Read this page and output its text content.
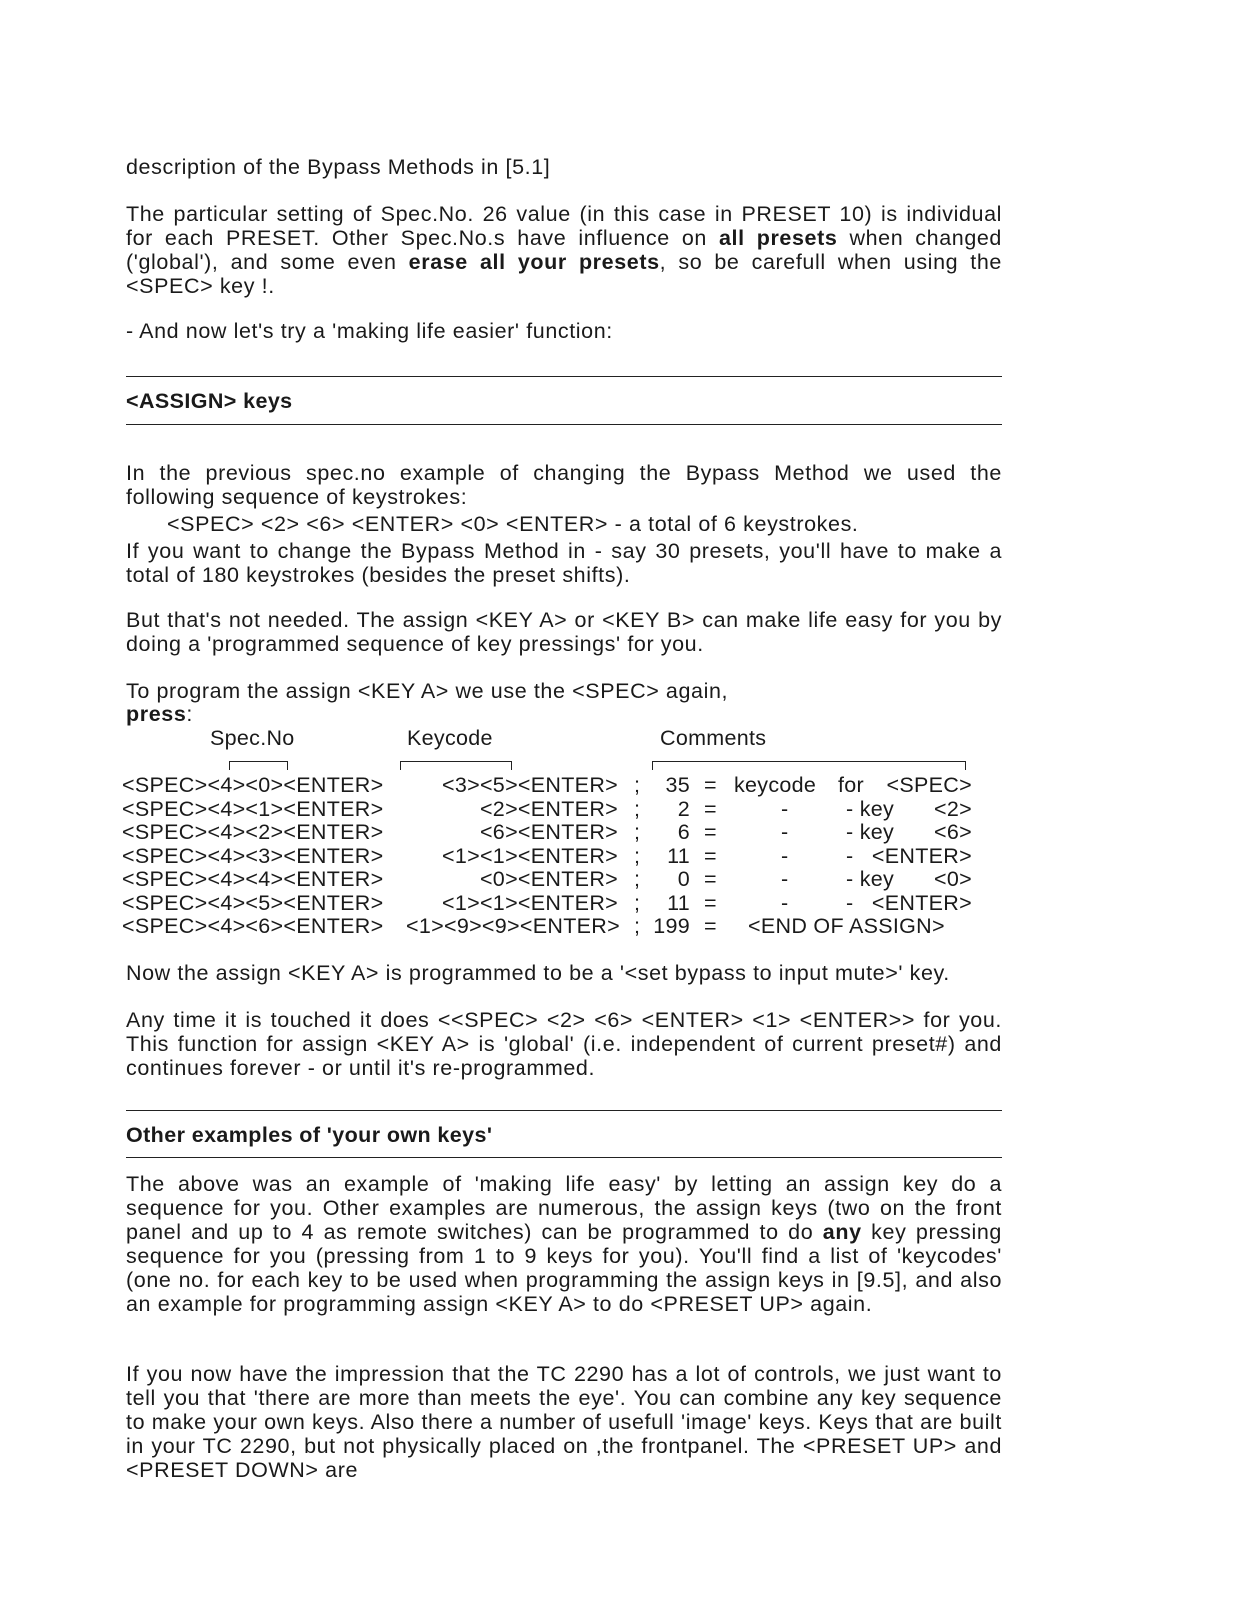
description of the Bypass Methods in [5.1]

The particular setting of Spec.No. 26 value (in this case in PRESET 10) is individual for each PRESET. Other Spec.No.s have influence on all presets when changed ('global'), and some even erase all your presets, so be carefull when using the <SPEC> key !.

- And now let's try a 'making life easier' function:

<ASSIGN> keys

In the previous spec.no example of changing the Bypass Method we used the following sequence of keystrokes:

<SPEC> <2> <6> <ENTER> <0> <ENTER> - a total of 6 keystrokes.

If you want to change the Bypass Method in - say 30 presets, you'll have to make a total of 180 keystrokes (besides the preset shifts).

But that's not needed. The assign <KEY A> or <KEY B> can make life easy for you by doing a 'programmed sequence of key pressings' for you.

To program the assign <KEY A> we use the <SPEC> again,
press:
Spec.No	Keycode	Comments
<SPEC><4><0><ENTER>	<3><5><ENTER> ;	35 = keycode for	<SPEC>
<SPEC><4><1><ENTER>	<2><ENTER> ;	2 =	-	- key	<2>
<SPEC><4><2><ENTER>	<6><ENTER> ;	6 =	-	- key	<6>
<SPEC><4><3><ENTER>	<1><1><ENTER> ;	11 =	-	- <ENTER>
<SPEC><4><4><ENTER>	<0><ENTER> ;	0 =	-	- key	<0>
<SPEC><4><5><ENTER>	<1><1><ENTER> ;	11 =	-	- <ENTER>
<SPEC><4><6><ENTER> <1><9><9><ENTER> ; 199 = <END OF ASSIGN>

Now the assign <KEY A> is programmed to be a '<set bypass to input mute>' key.

Any time it is touched it does <<SPEC> <2> <6> <ENTER> <1> <ENTER>> for you. This function for assign <KEY A> is 'global' (i.e. independent of current preset#) and continues forever - or until it's re-programmed.

Other examples of 'your own keys'

The above was an example of 'making life easy' by letting an assign key do a sequence for you. Other examples are numerous, the assign keys (two on the front panel and up to 4 as remote switches) can be programmed to do any key pressing sequence for you (pressing from 1 to 9 keys for you). You'll find a list of 'keycodes' (one no. for each key to be used when programming the assign keys in [9.5], and also an example for programming assign <KEY A> to do <PRESET UP> again.

If you now have the impression that the TC 2290 has a lot of controls, we just want to tell you that 'there are more than meets the eye'. You can combine any key sequence to make your own keys. Also there a number of usefull 'image' keys. Keys that are built in your TC 2290, but not physically placed on ,the frontpanel. The <PRESET UP> and <PRESET DOWN> are
